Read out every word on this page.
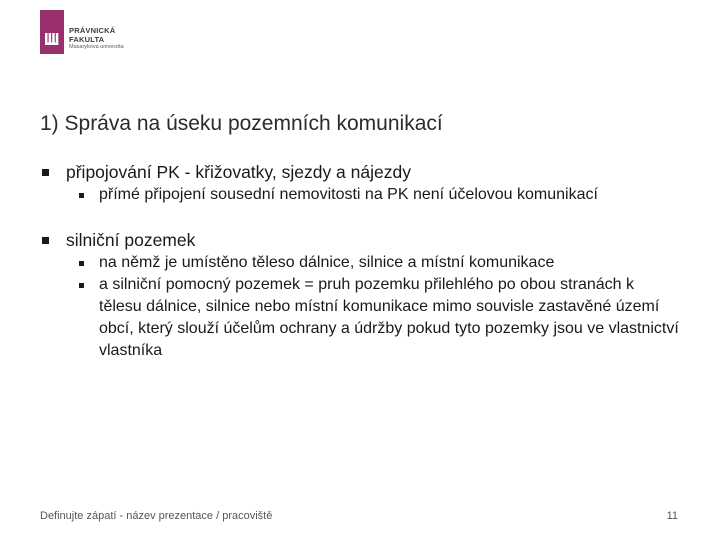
PRÁVNICKÁ
FAKULTA
Masarykova univerzita
1) Správa na úseku pozemních komunikací
připojování PK - křižovatky, sjezdy a nájezdy
přímé připojení sousední nemovitosti na PK není účelovou komunikací
silniční pozemek
na němž je umístěno těleso dálnice, silnice a místní komunikace
a silniční pomocný pozemek = pruh pozemku přilehlého po obou stranách k tělesu dálnice, silnice nebo místní komunikace mimo souvisle zastavěné území obcí, který slouží účelům ochrany a údržby pokud tyto pozemky jsou ve vlastnictví vlastníka
Definujte zápatí - název prezentace / pracoviště	11
